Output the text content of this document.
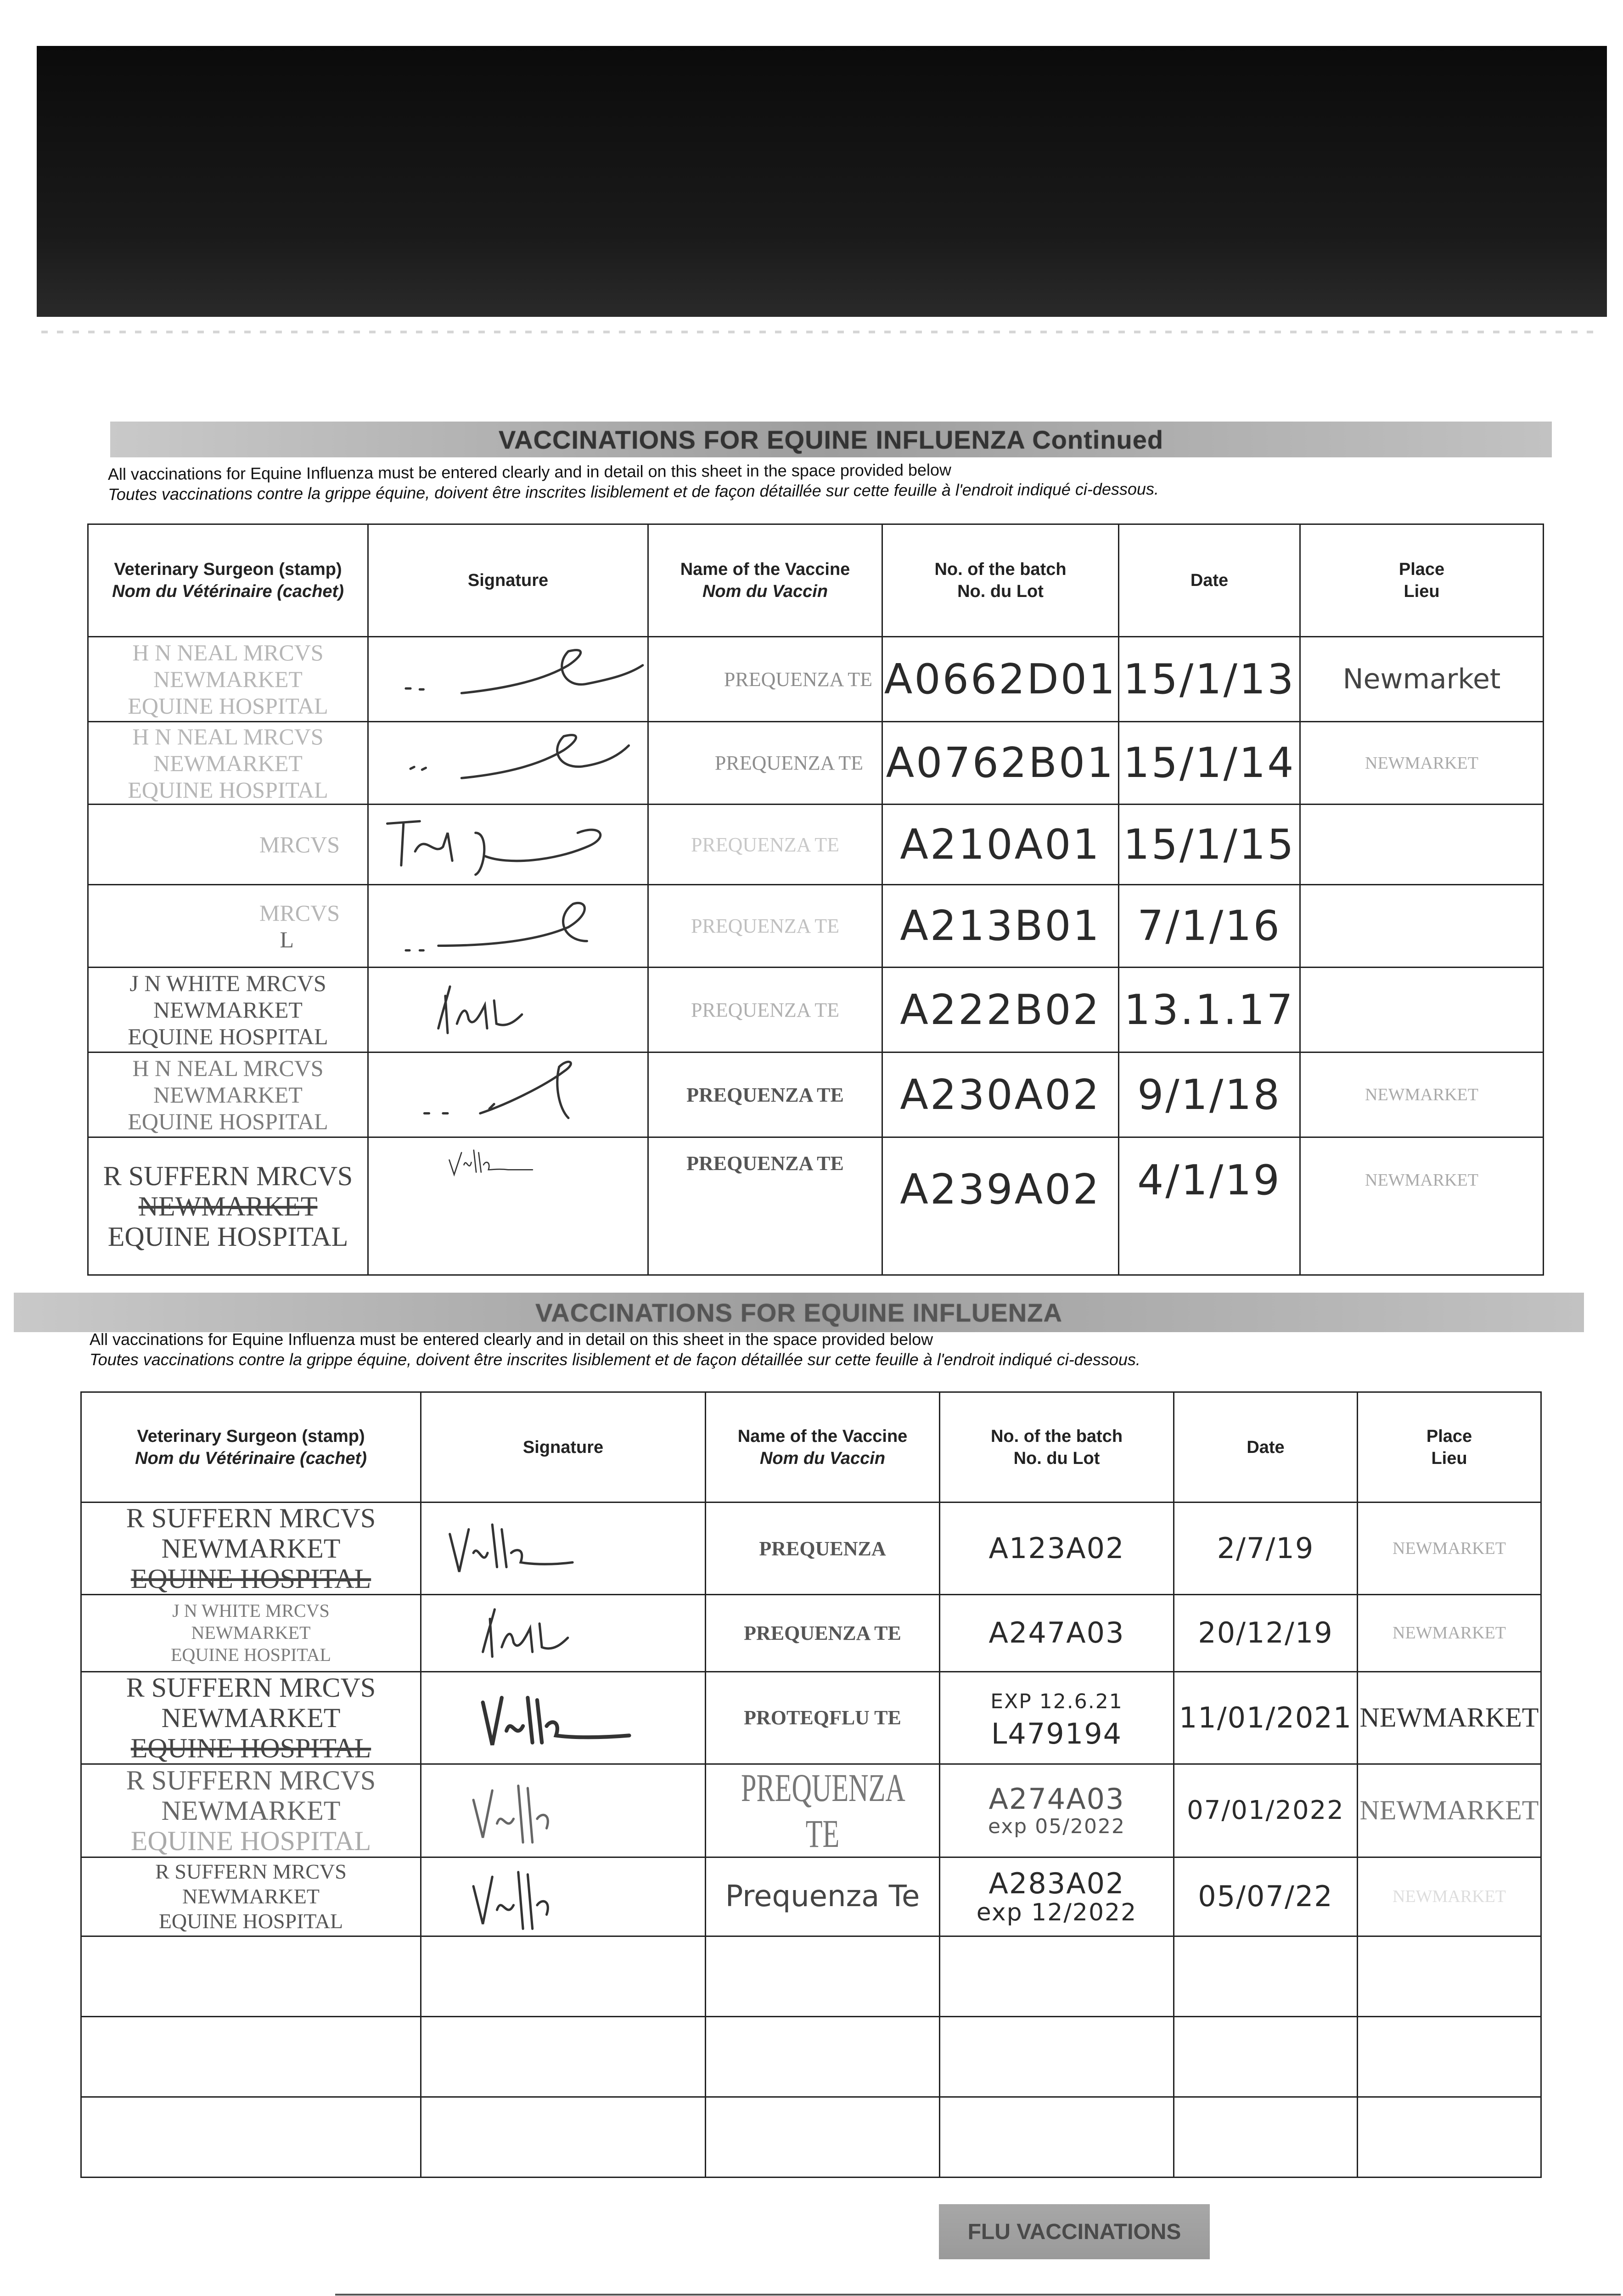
VACCINATIONS FOR EQUINE INFLUENZA Continued
All vaccinations for Equine Influenza must be entered clearly and in detail on this sheet in the space provided below
Toutes vaccinations contre la grippe équine, doivent être inscrites lisiblement et de façon détaillée sur cette feuille à l'endroit indiqué ci-dessous.
Veterinary Surgeon (stamp)
Nom du Vétérinaire (cachet)	Signature	Name of the Vaccine
Nom du Vaccin	No. of the batch
No. du Lot	Date	Place
Lieu

H N NEAL MRCVS
NEWMARKET
EQUINE HOSPITAL		PREQUENZA TE	A0662D01	15/1/13	Newmarket

H N NEAL MRCVS
NEWMARKET
EQUINE HOSPITAL		PREQUENZA TE	A0762B01	15/1/14	NEWMARKET

MRCVS		PREQUENZA TE	A210A01	15/1/15	

MRCVS
L		PREQUENZA TE	A213B01	7/1/16	

J N WHITE MRCVS
NEWMARKET
EQUINE HOSPITAL		PREQUENZA TE	A222B02	13.1.17	

H N NEAL MRCVS
NEWMARKET
EQUINE HOSPITAL		PREQUENZA TE	A230A02	9/1/18	NEWMARKET

R SUFFERN MRCVS
NEWMARKET
EQUINE HOSPITAL		PREQUENZA TE	A239A02	4/1/19	NEWMARKET
VACCINATIONS FOR EQUINE INFLUENZA
All vaccinations for Equine Influenza must be entered clearly and in detail on this sheet in the space provided below
Toutes vaccinations contre la grippe équine, doivent être inscrites lisiblement et de façon détaillée sur cette feuille à l'endroit indiqué ci-dessous.
Veterinary Surgeon (stamp)
Nom du Vétérinaire (cachet)	Signature	Name of the Vaccine
Nom du Vaccin	No. of the batch
No. du Lot	Date	Place
Lieu

R SUFFERN MRCVS
NEWMARKET
EQUINE HOSPITAL		PREQUENZA	A123A02	2/7/19	NEWMARKET

J N WHITE MRCVS
NEWMARKET
EQUINE HOSPITAL		PREQUENZA TE	A247A03	20/12/19	NEWMARKET

R SUFFERN MRCVS
NEWMARKET
EQUINE HOSPITAL		PROTEQFLU TE	EXP 12.6.21
L479194	11/01/2021	NEWMARKET

R SUFFERN MRCVS
NEWMARKET
EQUINE HOSPITAL		PREQUENZA TE	A274A03
exp 05/2022	07/01/2022	NEWMARKET

R SUFFERN MRCVS
NEWMARKET
EQUINE HOSPITAL		Prequenza Te	A283A02
exp 12/2022	05/07/22	NEWMARKET

FLU VACCINATIONS
